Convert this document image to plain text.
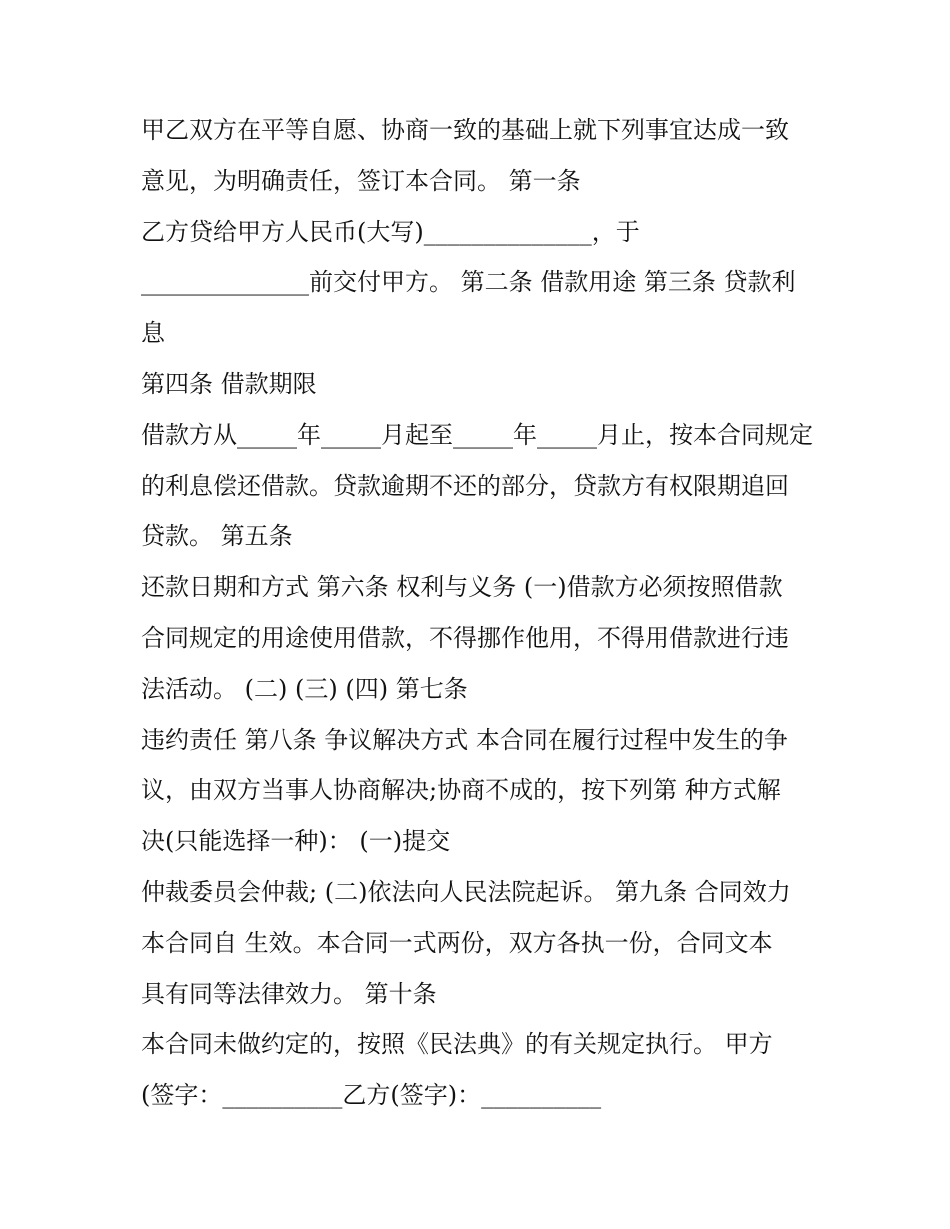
甲乙双方在平等自愿、协商一致的基础上就下列事宜达成一致
意见，为明确责任，签订本合同。 第一条
乙方贷给甲方人民币(大写)______________，于
______________前交付甲方。 第二条 借款用途 第三条 贷款利
息
第四条 借款期限
借款方从_____年_____月起至_____年_____月止，按本合同规定
的利息偿还借款。贷款逾期不还的部分，贷款方有权限期追回
贷款。 第五条
还款日期和方式 第六条 权利与义务 (一)借款方必须按照借款
合同规定的用途使用借款，不得挪作他用，不得用借款进行违
法活动。 (二) (三) (四) 第七条
违约责任 第八条 争议解决方式 本合同在履行过程中发生的争
议，由双方当事人协商解决;协商不成的，按下列第 种方式解
决(只能选择一种)： (一)提交
仲裁委员会仲裁; (二)依法向人民法院起诉。 第九条 合同效力
本合同自 生效。本合同一式两份，双方各执一份，合同文本
具有同等法律效力。 第十条
本合同未做约定的，按照《民法典》的有关规定执行。 甲方
(签字：__________乙方(签字)：__________
